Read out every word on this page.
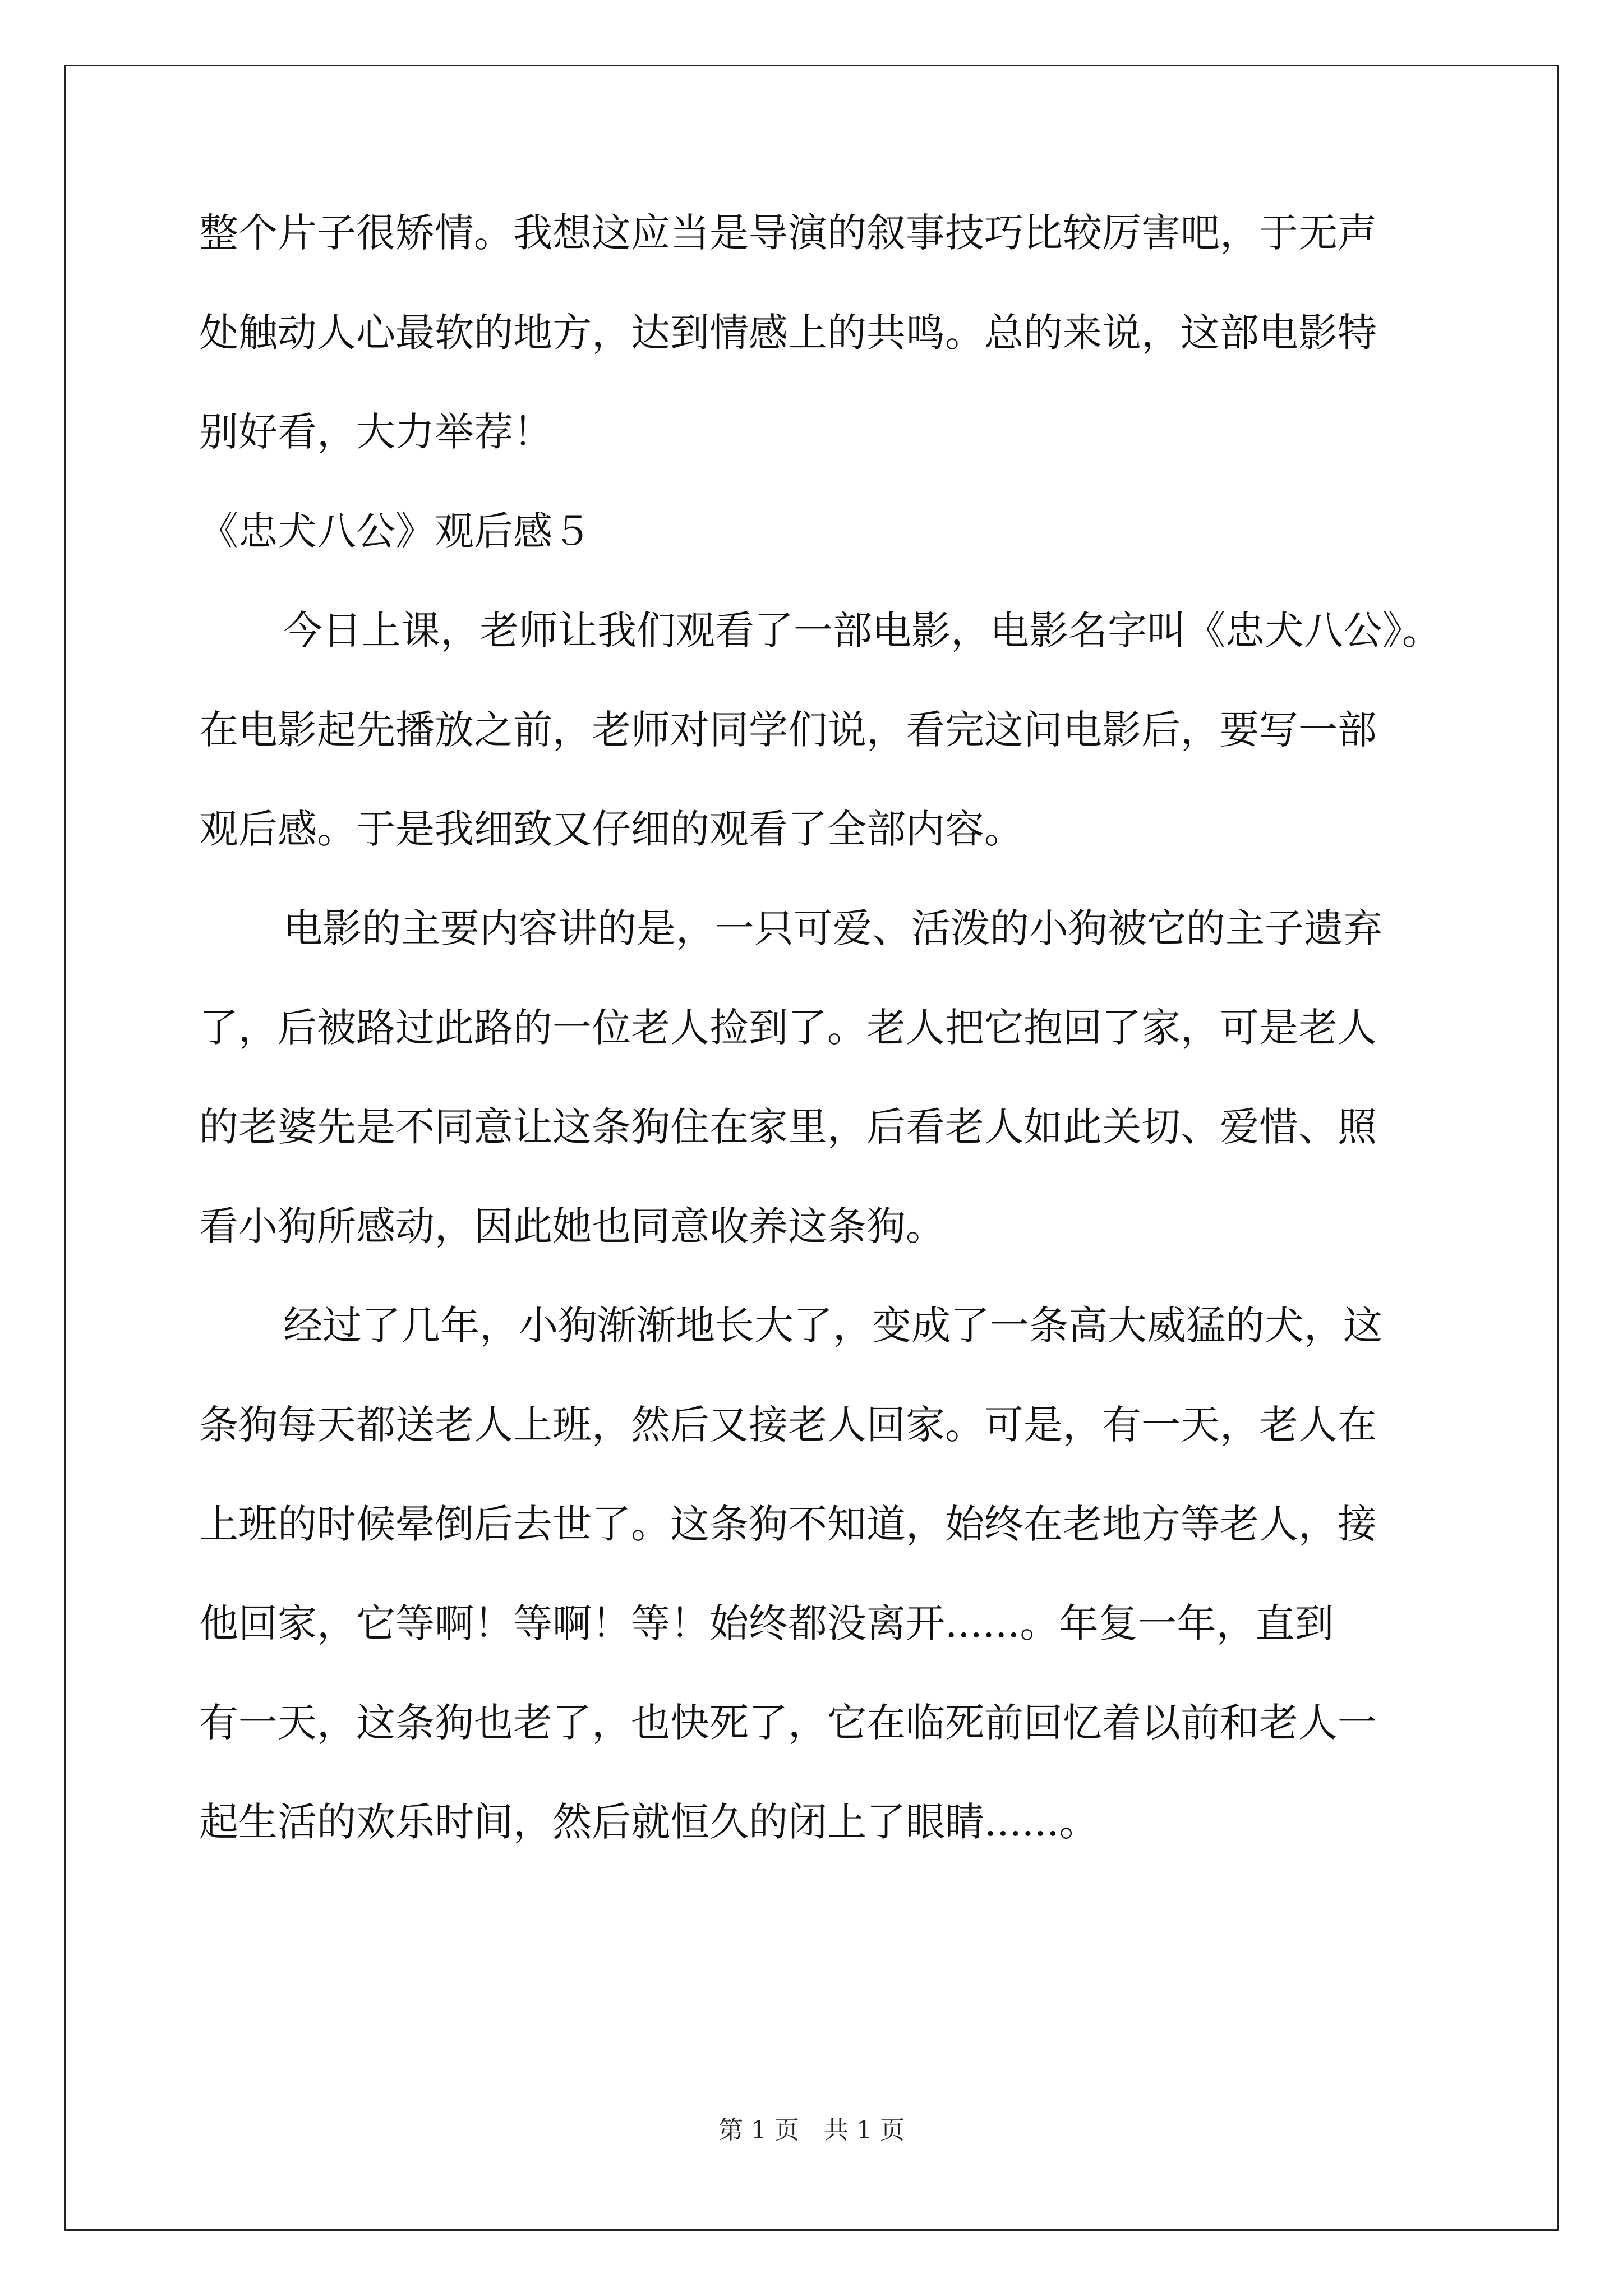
整个片子很矫情。我想这应当是导演的叙事技巧比较厉害吧，于无声
处触动人心最软的地方，达到情感上的共鸣。总的来说，这部电影特
别好看，大力举荐！
《忠犬八公》观后感５
今日上课，老师让我们观看了一部电影，电影名字叫《忠犬八公》。
在电影起先播放之前，老师对同学们说，看完这问电影后，要写一部
观后感。于是我细致又仔细的观看了全部内容。
电影的主要内容讲的是，一只可爱、活泼的小狗被它的主子遗弃
了，后被路过此路的一位老人捡到了。老人把它抱回了家，可是老人
的老婆先是不同意让这条狗住在家里，后看老人如此关切、爱惜、照
看小狗所感动，因此她也同意收养这条狗。
经过了几年，小狗渐渐地长大了，变成了一条高大威猛的犬，这
条狗每天都送老人上班，然后又接老人回家。可是，有一天，老人在
上班的时候晕倒后去世了。这条狗不知道，始终在老地方等老人，接
他回家，它等啊！等啊！等！始终都没离开......。年复一年，直到
有一天，这条狗也老了，也快死了，它在临死前回忆着以前和老人一
起生活的欢乐时间，然后就恒久的闭上了眼睛......。
第 1 页　共 1 页
